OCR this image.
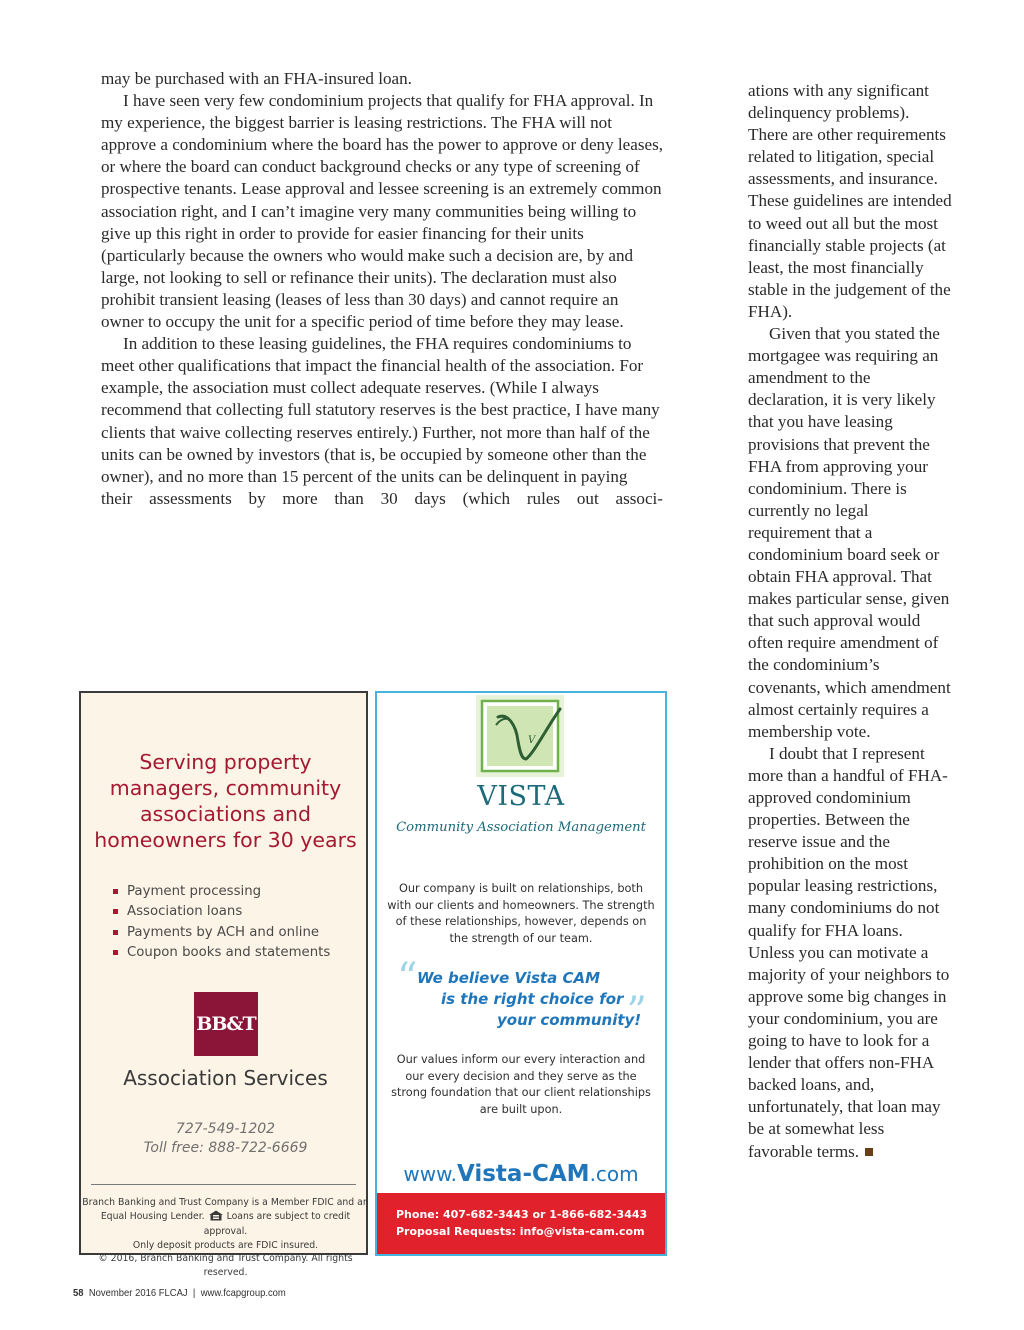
may be purchased with an FHA-insured loan.

I have seen very few condominium projects that qualify for FHA approval. In my experience, the biggest barrier is leasing restrictions. The FHA will not approve a condominium where the board has the power to approve or deny leases, or where the board can conduct background checks or any type of screening of prospective tenants. Lease approval and lessee screening is an extremely common association right, and I can’t imagine very many communities being willing to give up this right in order to provide for easier financing for their units (particularly because the owners who would make such a decision are, by and large, not looking to sell or refinance their units). The declaration must also prohibit transient leasing (leases of less than 30 days) and cannot require an owner to occupy the unit for a specific period of time before they may lease.

In addition to these leasing guidelines, the FHA requires condominiums to meet other qualifications that impact the financial health of the association. For example, the association must collect adequate reserves. (While I always recommend that collecting full statutory reserves is the best practice, I have many clients that waive collecting reserves entirely.) Further, not more than half of the units can be owned by investors (that is, be occupied by someone other than the owner), and no more than 15 percent of the units can be delinquent in paying their assessments by more than 30 days (which rules out associ-

ations with any significant delinquency problems). There are other requirements related to litigation, special assessments, and insurance. These guidelines are intended to weed out all but the most financially stable projects (at least, the most financially stable in the judgement of the FHA).

Given that you stated the mortgagee was requiring an amendment to the declaration, it is very likely that you have leasing provisions that prevent the FHA from approving your condominium. There is currently no legal requirement that a condominium board seek or obtain FHA approval. That makes particular sense, given that such approval would often require amendment of the condominium’s covenants, which amendment almost certainly requires a membership vote.

I doubt that I represent more than a handful of FHA-approved condominium properties. Between the reserve issue and the prohibition on the most popular leasing restrictions, many condominiums do not qualify for FHA loans. Unless you can motivate a majority of your neighbors to approve some big changes in your condominium, you are going to have to look for a lender that offers non-FHA backed loans, and, unfortunately, that loan may be at somewhat less favorable terms.

Serving property
managers, community
associations and
homeowners for 30 years
Payment processing
Association loans
Payments by ACH and online
Coupon books and statements
BB&T
Association Services
727-549-1202
Toll free: 888-722-6669
Branch Banking and Trust Company is a Member FDIC and an
Equal Housing Lender. Loans are subject to credit approval.
Only deposit products are FDIC insured.
© 2016, Branch Banking and Trust Company. All rights reserved.
V
VISTA
Community Association Management
Our company is built on relationships, both with our clients and homeowners. The strength of these relationships, however, depends on the strength of our team.
“ We believe Vista CAM
is the right choice for
your community!
”
Our values inform our every interaction and our every decision and they serve as the strong foundation that our client relationships are built upon.
www.Vista-CAM.com
Phone: 407-682-3443 or 1-866-682-3443
Proposal Requests: info@vista-cam.com
58 November 2016 FLCAJ | www.fcapgroup.com
